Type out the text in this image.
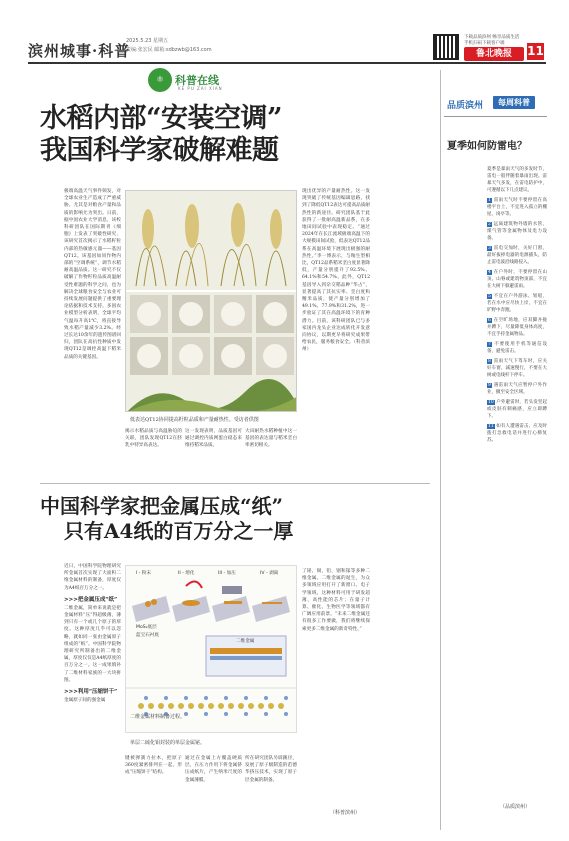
滨州城事·科普
2025.5.23 星期五
责编:张宏民 邮箱:sdbzwb@163.com
下载品质滨州 畅享品质生活
手机扫码下载客户端
鲁北晚报	11
⚛ 科普在线
KE PU ZAI XIAN
水稻内部“安装空调”
我国科学家破解难题
极端高温天气事件频发，对全球农业生产造成了严重威胁。尤其是对粮食产量和品质的影响尤为突出。日前，据中国农业大学消息，该校科研团队在国际期刊《细胞》上发表了突破性研究，该研究首次揭示了水稻籽粒内部的热敏感元器——基因QT12。该基因如同作物内部的“空调系统”，调节水稻耐高温品质。这一研究不仅破解了作物籽粒品质高温耐受性难题的科学之问，也为解决全球粮食安全与农业可持续发展问题提供了重要理论依据和技术支持。多国农业模型分析表明，全球平均气温每升高1℃，将直接导致水稻产量减少3.2%。经过长达10余年的遗传图谱回归，团队在高抗性种质中发现QT12是调控高温下稻米品质的关键基因。
低表达QT12协同提高籽粒品质和产量耐热性。受访者供图
揭示水稻品质与高温胁迫的关联，团队发现QT12在胚乳中特异高表达。
这一发现表明，品质基因可通过调控内质网蛋白稳态来维持稻米品质。
大田耐热水稻种植中这一基因的表达量与稻米垩白率密切相关。
现出优异的产量耐热性。这一发现突破了传统基因编辑思路，找到了降低QT12表达可提高品质耐热性的新途径。研究团队基于此获得了一批耐高温新品系，在多地田间试验中表现稳定。“通过2024年在长江流域极端高温下的大规模田间试验，低表达QT12品系在高温环境下展现出极强的耐热性。”李一博表示，与籼生型相比，QT12品系稻米垩白度显著降低，产量分别提升了92.5%、64.1%和54.7%。此外，QT12基因导入到杂交稻品种“华占”，显著提高了其抗实率、垩白度和精米品质，使产量分别增加了49.1%、77.9%和31.2%，进一步验证了其在高温环境下的育种潜力。目前，该科研团队已与多家国内龙头企业达成转化开发意向协议，以期更早将研究成果带给农民，服务粮食安全。（科普滨州）
品质滨州	每周科普
夏季如何防雷电？
夏季是暴雨天气的多发时节，雷电一般伴随着暴雨出现。雷暴天气多发，在雷电防护中，可遵循以下几点建议。
1 雷雨天气时不要停留在高楼平台上，不宜进入孤立的棚屋、岗亭等。
2 远离建筑物外墙的水管、煤气管等金属物体及电力设备。
3 雷电交加时，关好门窗，最好拔掉电器的电源插头，防止雷电波沿线路侵入。
4 在户外时，不要停留在山顶、山脊或建筑物顶部，不宜在大树下躲避雷雨。
5 不宜在户外游泳、划船，若在水中应尽快上岸，不宜在旷野中奔跑。
6 在空旷场地，应双脚并拢并蹲下，尽量降低身体高度，不宜手持金属物品。
7 不要使用手机等通信设备，避免雷击。
8 雷雨天气下驾车时，应关好车窗，减速慢行，不要在大树或电线杆下停车。
9 遇雷雨天气应暂停户外作业，撤至安全区域。
10 户外避雷时，若头发竖起或皮肤有刺痛感，应立即蹲下。
11 如有人遭遇雷击，应及时拨打急救电话并进行心肺复苏。
（品质滨州）
中国科学家把金属压成“纸”
只有A4纸的百万分之一厚
近日，中国科学院物理研究所金属首次实现了大面积二维金属材料的制备，厚度仅为A4纸百万分之一。
>>>把金属压成“纸”
二维金属，简单来说就是把金属材料“压”得超级薄，薄到只有一个或几个原子的厚度。这种厚度几乎可以忽略，就如同一张由金属原子组成的“纸”。中国科学院物理研究所制备出的二维金属，厚度仅仅是A4纸厚度的百万分之一。这一成果填补了二维材料家族的一大块拼图。
>>>利用“压缩饼干”
金属原子间的强金属
I - 粉末	II - 熔化	III - 加压	IV - 剥离
MoS₂底层
蓝宝石衬底
二维金属
二维金属材料制备过程。
单层二硫化钼封装的单层金属铋。
键被弹簧力拉木，把原子360度紧密排列在一起，形成“压缩饼干”结构。
通过在金属上方覆盖硬质层，在压力作用下将金属挤压成纸片，产生纳米尺度的金属薄膜。
所在研究团队另辟蹊径，发展了原子级制造的范德华挤压技术，实现了原子层金属的制备。
了铋、锡、铅、铟和镓等多种二维金属。二维金属的诞生，为众多领域应用打开了新窗口。电子学领域，这种材料可用于研发超薄、高性能的芯片；在量子计算、催化、生物医学等领域都有广阔应用前景。“未来二维金属还有很多工作要做，我们将继续探索更多二维金属的新奇特性。”
（科普滨州）
